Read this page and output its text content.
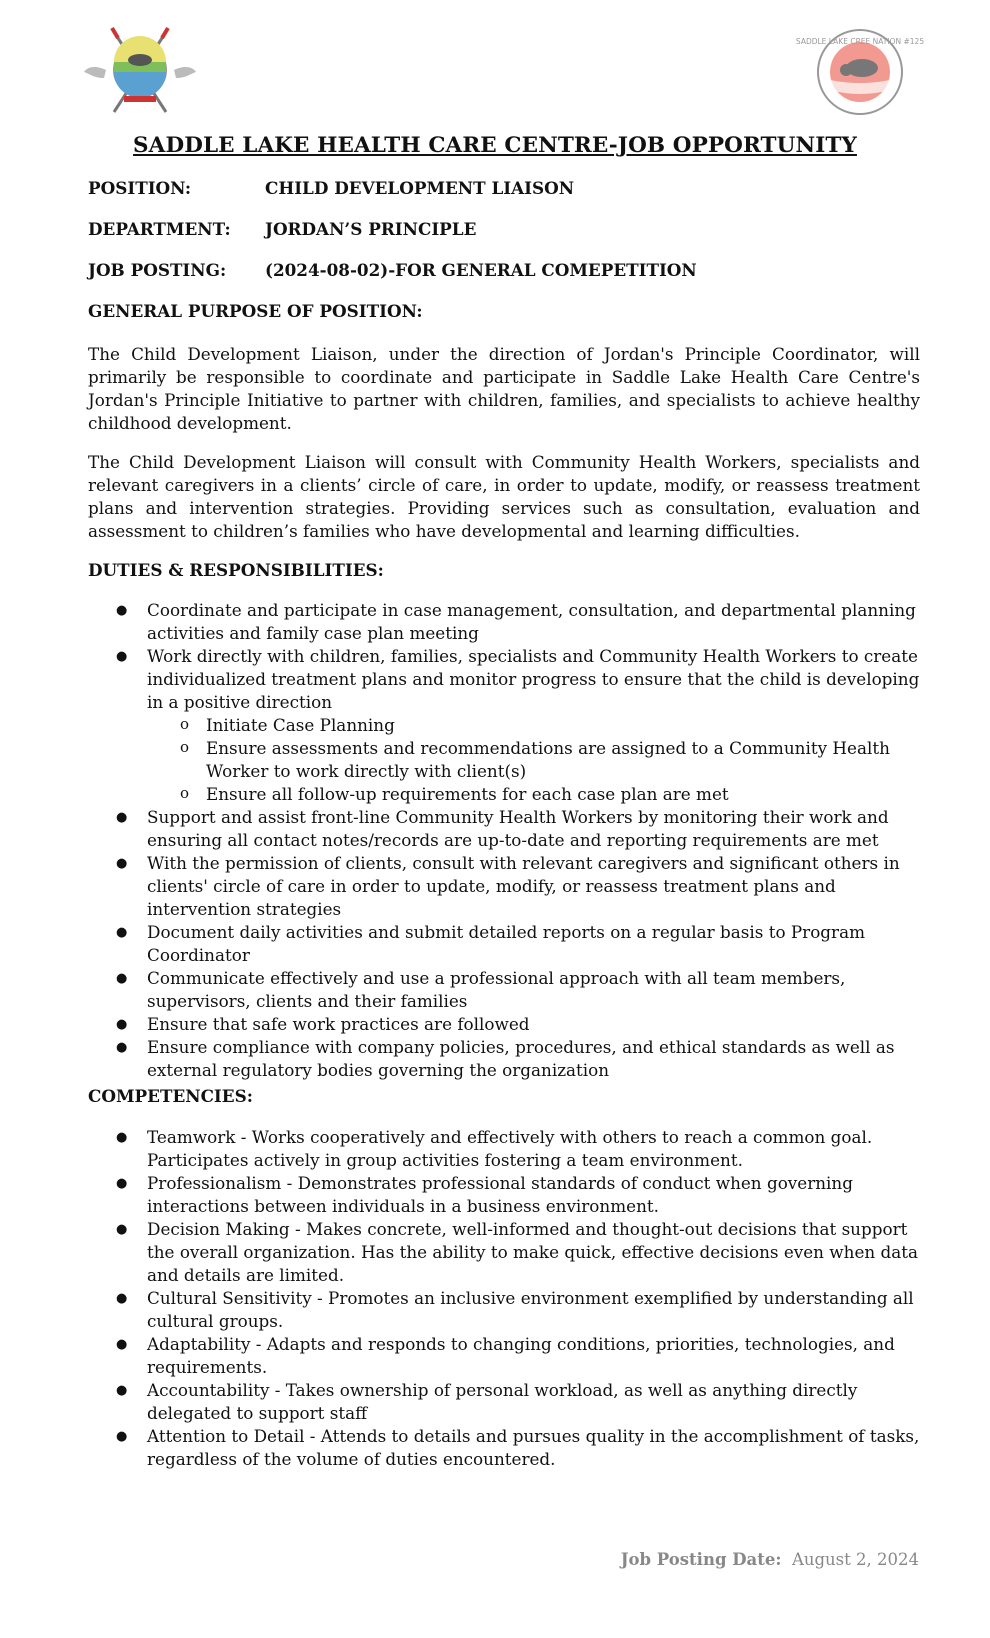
SADDLE LAKE CREE NATION #125
SADDLE LAKE HEALTH CARE CENTRE-JOB OPPORTUNITY
POSITION:	CHILD DEVELOPMENT LIAISON
DEPARTMENT: JORDAN’S PRINCIPLE
JOB POSTING: (2024-08-02)-FOR GENERAL COMEPETITION
GENERAL PURPOSE OF POSITION:
The Child Development Liaison, under the direction of Jordan's Principle Coordinator, will primarily be responsible to coordinate and participate in Saddle Lake Health Care Centre's Jordan's Principle Initiative to partner with children, families, and specialists to achieve healthy childhood development.
The Child Development Liaison will consult with Community Health Workers, specialists and relevant caregivers in a clients’ circle of care, in order to update, modify, or reassess treatment plans and intervention strategies. Providing services such as consultation, evaluation and assessment to children’s families who have developmental and learning difficulties.
DUTIES & RESPONSIBILITIES:
● Coordinate and participate in case management, consultation, and departmental planning activities and family case plan meeting
● Work directly with children, families, specialists and Community Health Workers to create individualized treatment plans and monitor progress to ensure that the child is developing in a positive direction
o Initiate Case Planning
o Ensure assessments and recommendations are assigned to a Community Health Worker to work directly with client(s)
o Ensure all follow-up requirements for each case plan are met
● Support and assist front-line Community Health Workers by monitoring their work and ensuring all contact notes/records are up-to-date and reporting requirements are met
● With the permission of clients, consult with relevant caregivers and significant others in clients' circle of care in order to update, modify, or reassess treatment plans and intervention strategies
● Document daily activities and submit detailed reports on a regular basis to Program Coordinator
● Communicate effectively and use a professional approach with all team members, supervisors, clients and their families
● Ensure that safe work practices are followed
● Ensure compliance with company policies, procedures, and ethical standards as well as external regulatory bodies governing the organization
COMPETENCIES:
● Teamwork - Works cooperatively and effectively with others to reach a common goal. Participates actively in group activities fostering a team environment.
● Professionalism - Demonstrates professional standards of conduct when governing interactions between individuals in a business environment.
● Decision Making - Makes concrete, well-informed and thought-out decisions that support the overall organization. Has the ability to make quick, effective decisions even when data and details are limited.
● Cultural Sensitivity - Promotes an inclusive environment exemplified by understanding all cultural groups.
● Adaptability - Adapts and responds to changing conditions, priorities, technologies, and requirements.
● Accountability - Takes ownership of personal workload, as well as anything directly delegated to support staff
● Attention to Detail - Attends to details and pursues quality in the accomplishment of tasks, regardless of the volume of duties encountered.
Job Posting Date: August 2, 2024
